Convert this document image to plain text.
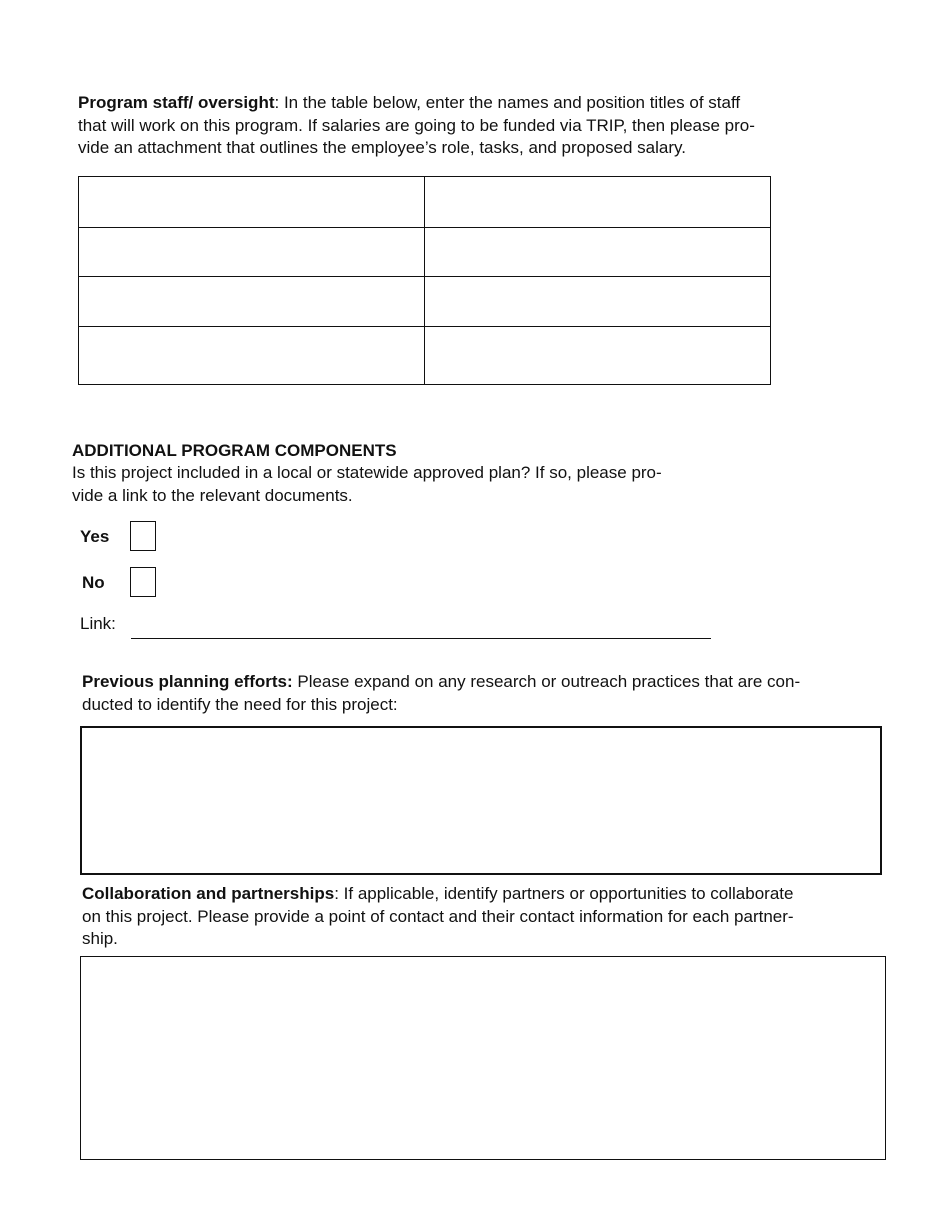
Program staff/ oversight: In the table below, enter the names and position titles of staff
that will work on this program. If salaries are going to be funded via TRIP, then please pro-
vide an attachment that outlines the employee’s role, tasks, and proposed salary.

ADDITIONAL PROGRAM COMPONENTS

Is this project included in a local or statewide approved plan? If so, please pro-
vide a link to the relevant documents.

Yes
No
Link:

Previous planning efforts: Please expand on any research or outreach practices that are con-
ducted to identify the need for this project:

Collaboration and partnerships: If applicable, identify partners or opportunities to collaborate
on this project. Please provide a point of contact and their contact information for each partner-
ship.
